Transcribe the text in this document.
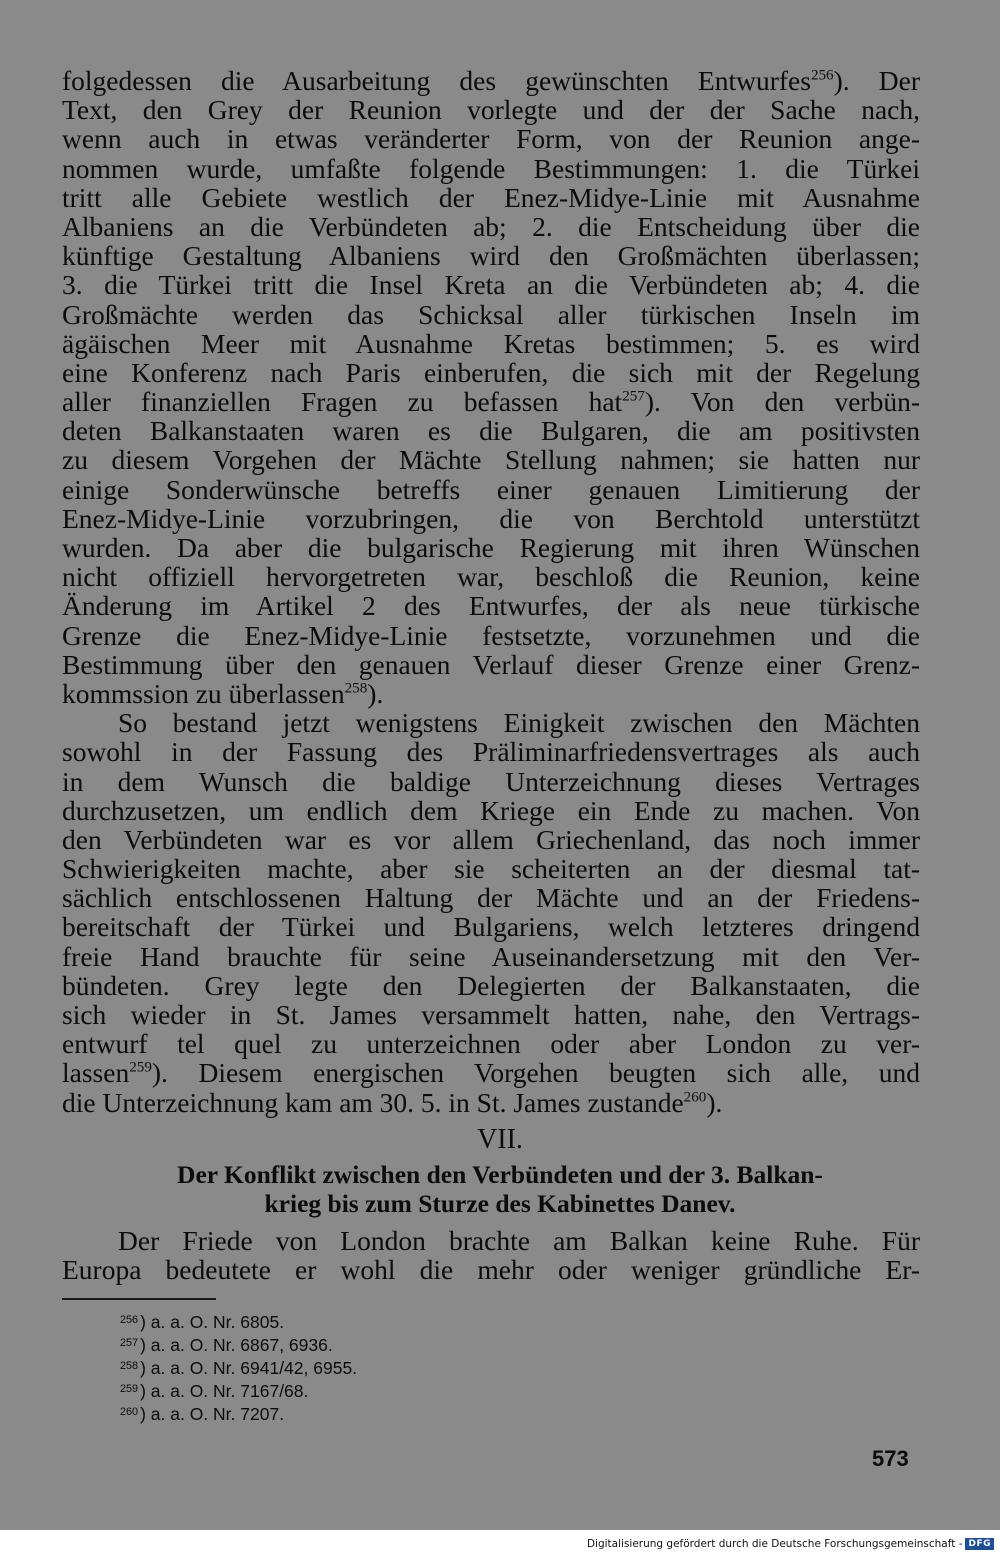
folgedessen die Ausarbeitung des gewünschten Entwurfes$^{256}$). Der
Text, den Grey der Reunion vorlegte und der der Sache nach,
wenn auch in etwas veränderter Form, von der Reunion ange-
nommen wurde, umfaßte folgende Bestimmungen: 1. die Türkei
tritt alle Gebiete westlich der Enez-Midye-Linie mit Ausnahme
Albaniens an die Verbündeten ab; 2. die Entscheidung über die
künftige Gestaltung Albaniens wird den Großmächten überlassen;
3. die Türkei tritt die Insel Kreta an die Verbündeten ab; 4. die
Großmächte werden das Schicksal aller türkischen Inseln im
ägäischen Meer mit Ausnahme Kretas bestimmen; 5. es wird
eine Konferenz nach Paris einberufen, die sich mit der Regelung
aller finanziellen Fragen zu befassen hat$^{257}$). Von den verbün-
deten Balkanstaaten waren es die Bulgaren, die am positivsten
zu diesem Vorgehen der Mächte Stellung nahmen; sie hatten nur
einige Sonderwünsche betreffs einer genauen Limitierung der
Enez-Midye-Linie vorzubringen, die von Berchtold unterstützt
wurden. Da aber die bulgarische Regierung mit ihren Wünschen
nicht offiziell hervorgetreten war, beschloß die Reunion, keine
Änderung im Artikel 2 des Entwurfes, der als neue türkische
Grenze die Enez-Midye-Linie festsetzte, vorzunehmen und die
Bestimmung über den genauen Verlauf dieser Grenze einer Grenz-
kommssion zu überlassen$^{258}$).
So bestand jetzt wenigstens Einigkeit zwischen den Mächten
sowohl in der Fassung des Präliminarfriedensvertrages als auch
in dem Wunsch die baldige Unterzeichnung dieses Vertrages
durchzusetzen, um endlich dem Kriege ein Ende zu machen. Von
den Verbündeten war es vor allem Griechenland, das noch immer
Schwierigkeiten machte, aber sie scheiterten an der diesmal tat-
sächlich entschlossenen Haltung der Mächte und an der Friedens-
bereitschaft der Türkei und Bulgariens, welch letzteres dringend
freie Hand brauchte für seine Auseinandersetzung mit den Ver-
bündeten. Grey legte den Delegierten der Balkanstaaten, die
sich wieder in St. James versammelt hatten, nahe, den Vertrags-
entwurf tel quel zu unterzeichnen oder aber London zu ver-
lassen$^{259}$). Diesem energischen Vorgehen beugten sich alle, und
die Unterzeichnung kam am 30. 5. in St. James zustande$^{260}$).
VII.
Der Konflikt zwischen den Verbündeten und der 3. Balkan-
krieg bis zum Sturze des Kabinettes Danev.
Der Friede von London brachte am Balkan keine Ruhe. Für
Europa bedeutete er wohl die mehr oder weniger gründliche Er-
$^{256}$ ) a. a. O. Nr. 6805.
$^{257}$ ) a. a. O. Nr. 6867, 6936.
$^{258}$ ) a. a. O. Nr. 6941/42, 6955.
$^{259}$ ) a. a. O. Nr. 7167/68.
$^{260}$ ) a. a. O. Nr. 7207.
573
Digitalisierung gefördert durch die Deutsche Forschungsgemeinschaft - DFG
